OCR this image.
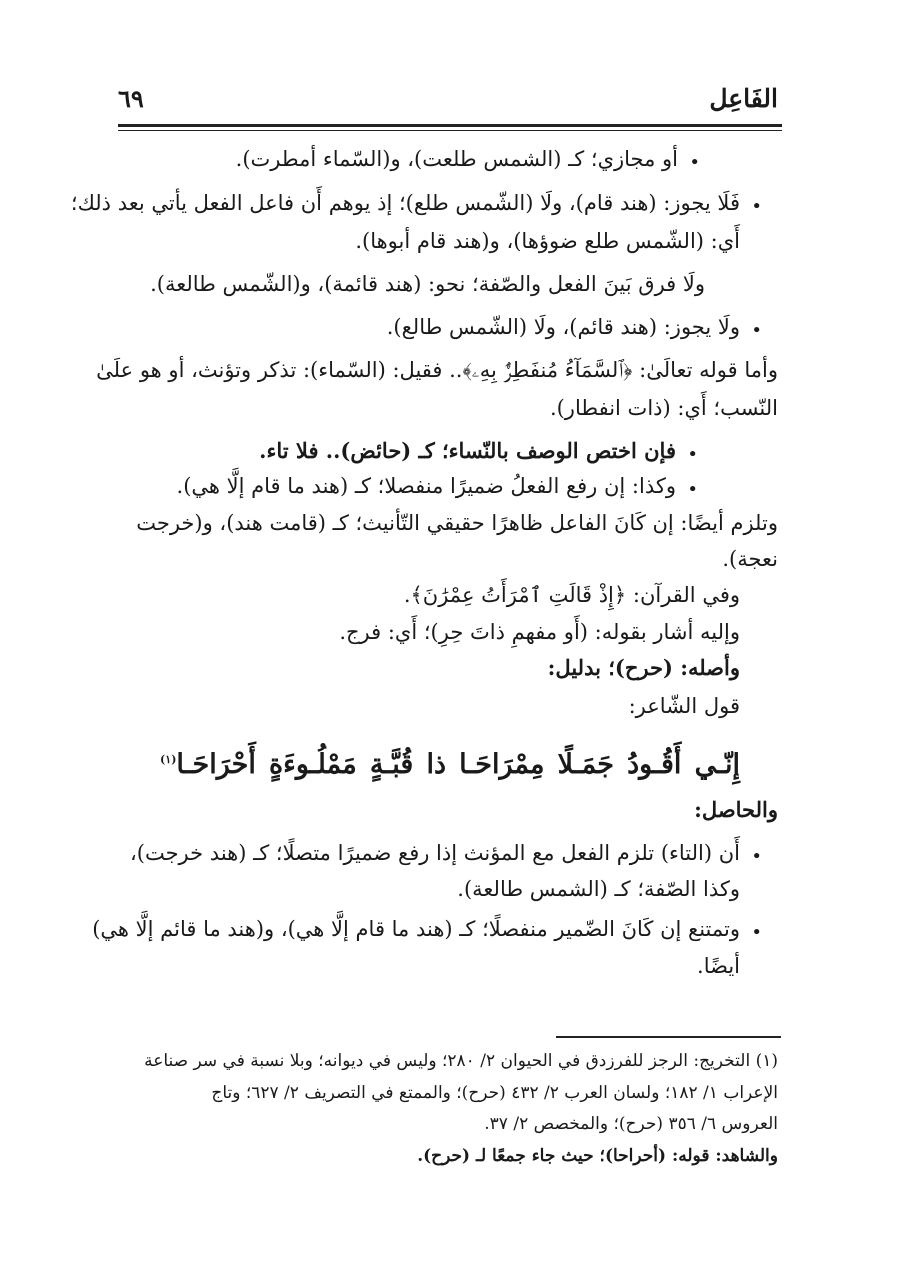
الفَاعِل
٦٩
•
أو مجازي؛ كـ (الشمس طلعت)، و(السّماء أمطرت).
•
فَلَا يجوز: (هند قام)، ولَا (الشّمس طلع)؛ إذ يوهم أَن فاعل الفعل يأتي بعد ذلك؛
أَي: (الشّمس طلع ضوؤها)، و(هند قام أبوها).
ولَا فرق بَينَ الفعل والصّفة؛ نحو: (هند قائمة)، و(الشّمس طالعة).
•
ولَا يجوز: (هند قائم)، ولَا (الشّمس طالع).
وأما قوله تعالَىٰ: ﴿ٱلسَّمَآءُ مُنفَطِرٌۢ بِهِۦ﴾.. فقيل: (السّماء): تذكر وتؤنث، أو هو علَىٰ
النّسب؛ أَي: (ذات انفطار).
•
فإن اختص الوصف بالنّساء؛ كـ (حائض).. فلا تاء.
•
وكذا: إن رفع الفعلُ ضميرًا منفصلا؛ كـ (هند ما قام إلَّا هي).
وتلزم أيضًا: إن كَانَ الفاعل ظاهرًا حقيقي التّأنيث؛ كـ (قامت هند)، و(خرجت
نعجة).
وفي القرآن: ﴿إِذْ قَالَتِ ٱمْرَأَتُ عِمْرَٰنَ﴾.
وإليه أشار بقوله: (أَو مفهمِ ذاتَ حِرِ)؛ أَي: فرج.
وأصله: (حرح)؛ بدليل:
قول الشّاعر:
إِنّـي
أَقُـودُ
جَمَـلًا
مِمْرَاحَـا
ذا
قُبَّـةٍ
مَمْلُـوءَةٍ
أَحْرَاحَـا$^{(١)}$
والحاصل:
•
أَن (التاء) تلزم الفعل مع المؤنث إذا رفع ضميرًا متصلًا؛ كـ (هند خرجت)،
وكذا الصّفة؛ كـ (الشمس طالعة).
•
وتمتنع إن كَانَ الضّمير منفصلًا؛ كـ (هند ما قام إلَّا هي)، و(هند ما قائم إلَّا هي)
أيضًا.
(١) التخريج: الرجز للفرزدق في الحيوان ٢/ ٢٨٠؛ وليس في ديوانه؛ وبلا نسبة في سر صناعة
الإعراب ١/ ١٨٢؛ ولسان العرب ٢/ ٤٣٢ (حرح)؛ والممتع في التصريف ٢/ ٦٢٧؛ وتاج
العروس ٦/ ٣٥٦ (حرح)؛ والمخصص ٢/ ٣٧.
والشاهد: قوله: (أحراحا)؛ حيث جاء جمعًا لـ (حرح).
